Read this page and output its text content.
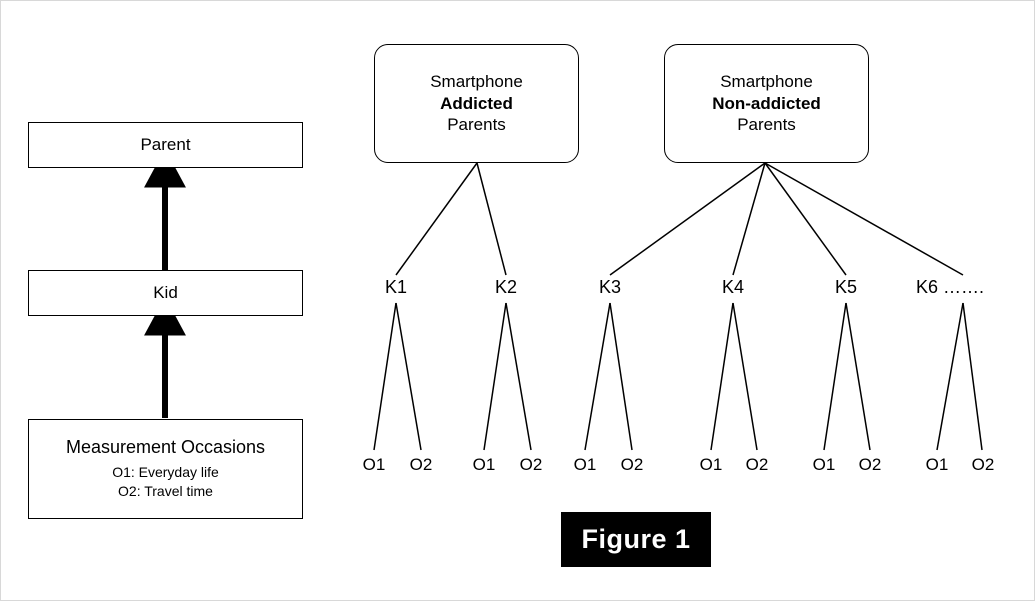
Parent
Kid
Measurement Occasions
O1: Everyday life
O2: Travel time
Smartphone
Addicted
Parents
Smartphone
Non-addicted
Parents
K1	K2	K3	K4	K5	K6 …….
O1	O2	O1	O2	O1	O2	O1	O2	O1	O2	O1	O2
Figure 1
